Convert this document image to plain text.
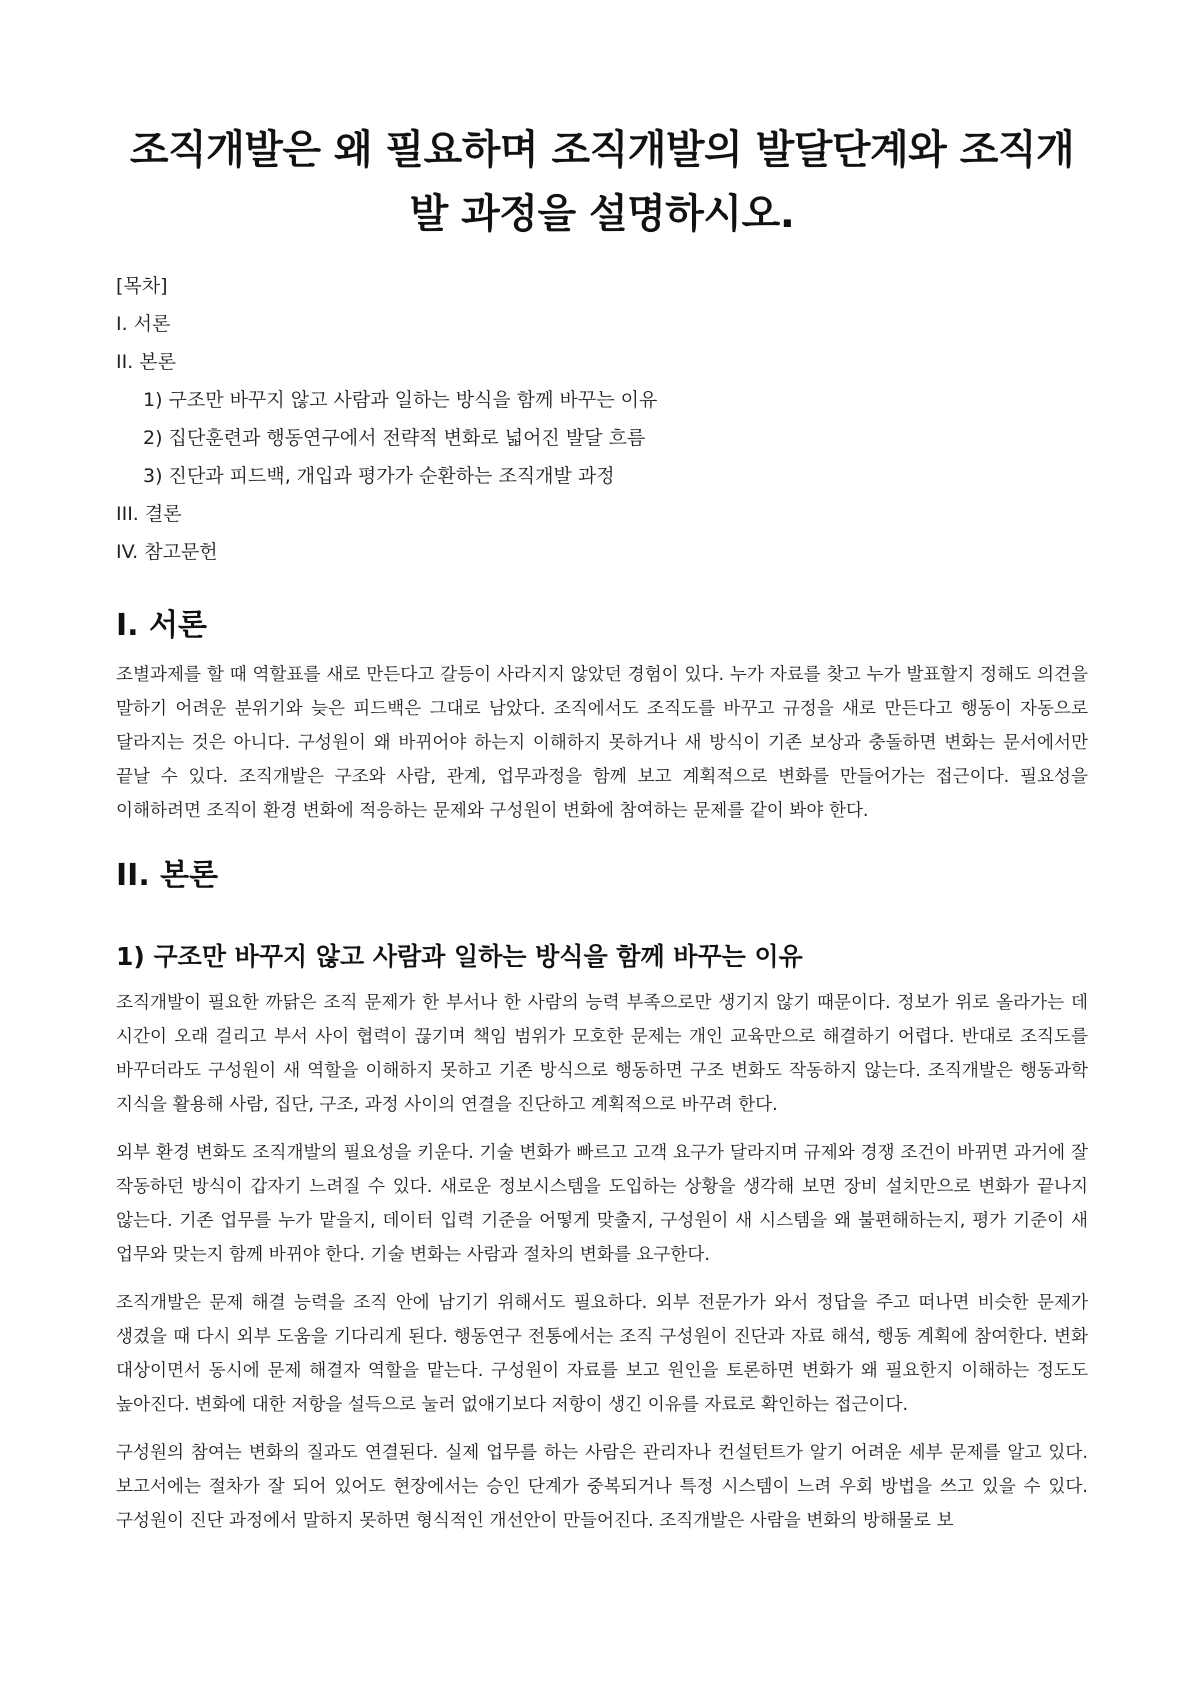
조직개발은 왜 필요하며 조직개발의 발달단계와 조직개발 과정을 설명하시오.
[목차]
I. 서론
II. 본론
1) 구조만 바꾸지 않고 사람과 일하는 방식을 함께 바꾸는 이유
2) 집단훈련과 행동연구에서 전략적 변화로 넓어진 발달 흐름
3) 진단과 피드백, 개입과 평가가 순환하는 조직개발 과정
III. 결론
IV. 참고문헌
I. 서론

조별과제를 할 때 역할표를 새로 만든다고 갈등이 사라지지 않았던 경험이 있다. 누가 자료를 찾고 누가 발표할지 정해도 의견을 말하기 어려운 분위기와 늦은 피드백은 그대로 남았다. 조직에서도 조직도를 바꾸고 규정을 새로 만든다고 행동이 자동으로 달라지는 것은 아니다. 구성원이 왜 바뀌어야 하는지 이해하지 못하거나 새 방식이 기존 보상과 충돌하면 변화는 문서에서만 끝날 수 있다. 조직개발은 구조와 사람, 관계, 업무과정을 함께 보고 계획적으로 변화를 만들어가는 접근이다. 필요성을 이해하려면 조직이 환경 변화에 적응하는 문제와 구성원이 변화에 참여하는 문제를 같이 봐야 한다.

II. 본론
1) 구조만 바꾸지 않고 사람과 일하는 방식을 함께 바꾸는 이유

조직개발이 필요한 까닭은 조직 문제가 한 부서나 한 사람의 능력 부족으로만 생기지 않기 때문이다. 정보가 위로 올라가는 데 시간이 오래 걸리고 부서 사이 협력이 끊기며 책임 범위가 모호한 문제는 개인 교육만으로 해결하기 어렵다. 반대로 조직도를 바꾸더라도 구성원이 새 역할을 이해하지 못하고 기존 방식으로 행동하면 구조 변화도 작동하지 않는다. 조직개발은 행동과학 지식을 활용해 사람, 집단, 구조, 과정 사이의 연결을 진단하고 계획적으로 바꾸려 한다.

외부 환경 변화도 조직개발의 필요성을 키운다. 기술 변화가 빠르고 고객 요구가 달라지며 규제와 경쟁 조건이 바뀌면 과거에 잘 작동하던 방식이 갑자기 느려질 수 있다. 새로운 정보시스템을 도입하는 상황을 생각해 보면 장비 설치만으로 변화가 끝나지 않는다. 기존 업무를 누가 맡을지, 데이터 입력 기준을 어떻게 맞출지, 구성원이 새 시스템을 왜 불편해하는지, 평가 기준이 새 업무와 맞는지 함께 바뀌야 한다. 기술 변화는 사람과 절차의 변화를 요구한다.

조직개발은 문제 해결 능력을 조직 안에 남기기 위해서도 필요하다. 외부 전문가가 와서 정답을 주고 떠나면 비슷한 문제가 생겼을 때 다시 외부 도움을 기다리게 된다. 행동연구 전통에서는 조직 구성원이 진단과 자료 해석, 행동 계획에 참여한다. 변화 대상이면서 동시에 문제 해결자 역할을 맡는다. 구성원이 자료를 보고 원인을 토론하면 변화가 왜 필요한지 이해하는 정도도 높아진다. 변화에 대한 저항을 설득으로 눌러 없애기보다 저항이 생긴 이유를 자료로 확인하는 접근이다.

구성원의 참여는 변화의 질과도 연결된다. 실제 업무를 하는 사람은 관리자나 컨설턴트가 알기 어려운 세부 문제를 알고 있다. 보고서에는 절차가 잘 되어 있어도 현장에서는 승인 단계가 중복되거나 특정 시스템이 느려 우회 방법을 쓰고 있을 수 있다. 구성원이 진단 과정에서 말하지 못하면 형식적인 개선안이 만들어진다. 조직개발은 사람을 변화의 방해물로 보
